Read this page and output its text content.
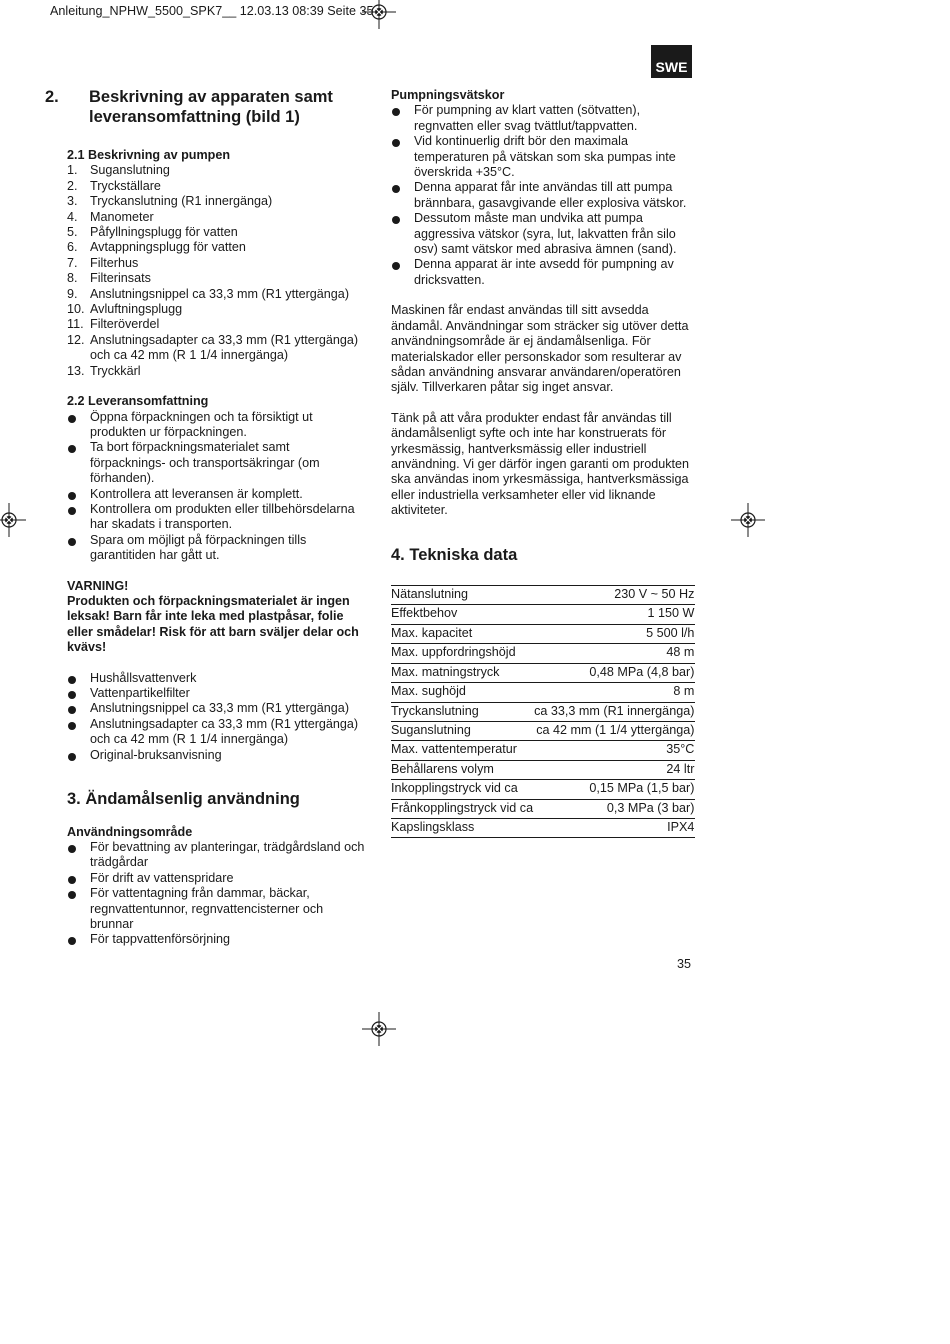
Anleitung_NPHW_5500_SPK7__ 12.03.13 08:39 Seite 35
SWE
2. Beskrivning av apparaten samt leveransomfattning (bild 1)
2.1 Beskrivning av pumpen
1. Suganslutning
2. Tryckställare
3. Tryckanslutning (R1 innergänga)
4. Manometer
5. Påfyllningsplugg för vatten
6. Avtappningsplugg för vatten
7. Filterhus
8. Filterinsats
9. Anslutningsnippel ca 33,3 mm (R1 yttergänga)
10. Avluftningsplugg
11. Filteröverdel
12. Anslutningsadapter ca 33,3 mm (R1 yttergänga) och ca 42 mm (R 1 1/4 innergänga)
13. Tryckkärl
2.2 Leveransomfattning
Öppna förpackningen och ta försiktigt ut produkten ur förpackningen.
Ta bort förpackningsmaterialet samt förpacknings- och transportsäkringar (om förhanden).
Kontrollera att leveransen är komplett.
Kontrollera om produkten eller tillbehörsdelarna har skadats i transporten.
Spara om möjligt på förpackningen tills garantitiden har gått ut.

VARNING!

Produkten och förpackningsmaterialet är ingen leksak! Barn får inte leka med plastpåsar, folie eller smådelar! Risk för att barn sväljer delar och kvävs!

Hushållsvattenverk
Vattenpartikelfilter
Anslutningsnippel ca 33,3 mm (R1 yttergänga)
Anslutningsadapter ca 33,3 mm (R1 yttergänga) och ca 42 mm (R 1 1/4 innergänga)
Original-bruksanvisning
3. Ändamålsenlig användning
Användningsområde
För bevattning av planteringar, trädgårdsland och trädgårdar
För drift av vattenspridare
För vattentagning från dammar, bäckar, regnvattentunnor, regnvattencisterner och brunnar
För tappvattenförsörjning
Pumpningsvätskor
För pumpning av klart vatten (sötvatten), regnvatten eller svag tvättlut/tappvatten.
Vid kontinuerlig drift bör den maximala temperaturen på vätskan som ska pumpas inte överskrida +35°C.
Denna apparat får inte användas till att pumpa brännbara, gasavgivande eller explosiva vätskor.
Dessutom måste man undvika att pumpa aggressiva vätskor (syra, lut, lakvatten från silo osv) samt vätskor med abrasiva ämnen (sand).
Denna apparat är inte avsedd för pumpning av dricksvatten.

Maskinen får endast användas till sitt avsedda ändamål. Användningar som sträcker sig utöver detta användningsområde är ej ändamålsenliga. För materialskador eller personskador som resulterar av sådan användning ansvarar användaren/operatören själv. Tillverkaren påtar sig inget ansvar.

Tänk på att våra produkter endast får användas till ändamålsenligt syfte och inte har konstruerats för yrkesmässig, hantverksmässig eller industriell användning. Vi ger därför ingen garanti om produkten ska användas inom yrkesmässiga, hantverksmässiga eller industriella verksamheter eller vid liknande aktiviteter.

4. Tekniska data
Nätanslutning	230 V ~ 50 Hz
Effektbehov	1 150 W
Max. kapacitet	5 500 l/h
Max. uppfordringshöjd	48 m
Max. matningstryck	0,48 MPa (4,8 bar)
Max. sughöjd	8 m
Tryckanslutning	ca 33,3 mm (R1 innergänga)
Suganslutning	ca 42 mm (1 1/4 yttergänga)
Max. vattentemperatur	35°C
Behållarens volym	24 ltr
Inkopplingstryck vid ca	0,15 MPa (1,5 bar)
Frånkopplingstryck vid ca	0,3 MPa (3 bar)
Kapslingsklass	IPX4
35
